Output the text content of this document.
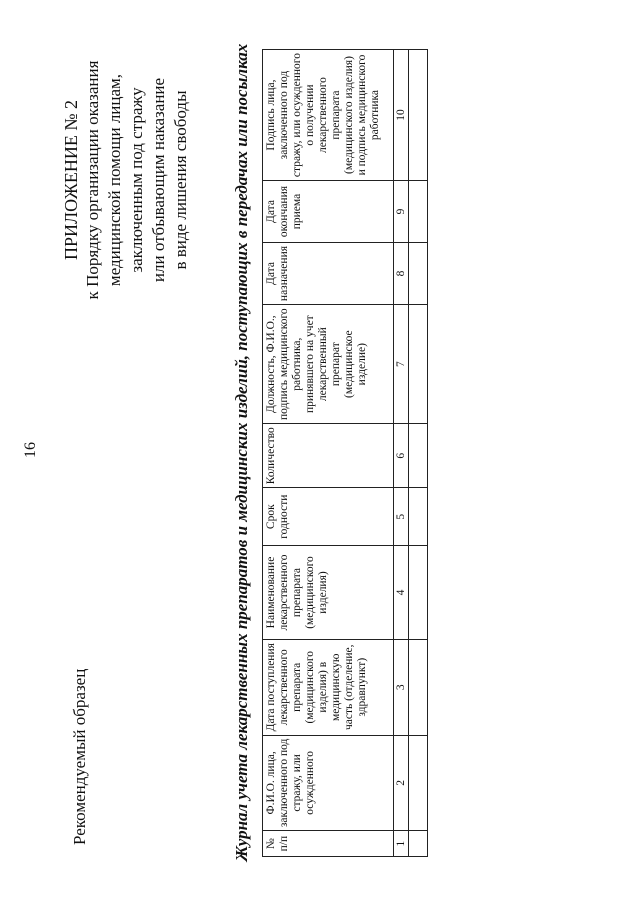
16
Рекомендуемый образец
ПРИЛОЖЕНИЕ № 2 к Порядку организации оказания медицинской помощи лицам, заключенным под стражу или отбывающим наказание в виде лишения свободы Журнал учета лекарственных препаратов и медицинских изделий, поступающих в передачах или посылках № п/п	Ф.И.О. лица, заключенного под стражу, или осужденного	Дата поступления лекарственного препарата (медицинского изделия) в медицинскую часть (отделение, здравпункт)	Наименование лекарственного препарата (медицинского изделия)	Срок годности	Количество	Должность, Ф.И.О., подпись медицинского работника, принявшего на учет лекарственный препарат (медицинское изделие)	Дата назначения	Дата окончания приема	Подпись лица, заключенного под стражу, или осужденного о получении лекарственного препарата (медицинского изделия) и подпись медицинского работника
1	2	3	4	5	6	7	8	9	10
